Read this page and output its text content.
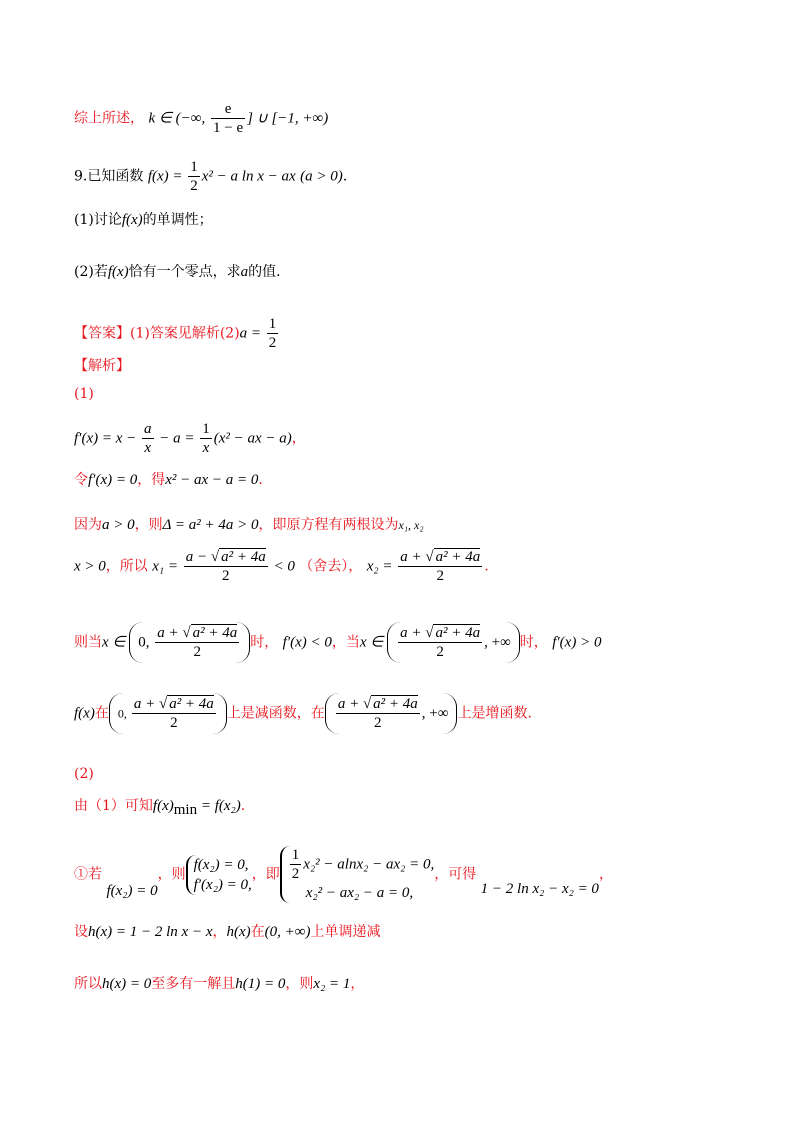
综上所述， k ∈ (−∞, $\frac{e}{1 - e}$ ] ∪ [−1, +∞)
9.已知函数 $f(x) = \frac{1}{2} x^2 - a$ ln x − ax (a > 0).
(1)讨论f(x)的单调性；
(2)若f(x)恰有一个零点，求a的值.
【答案】(1)答案见解析$(2)a = \frac{1}{2}$
【解析】
(1)
$f'(x) = x - \frac{a}{x} - a = \frac{1}{x} (x^2$ − ax − a)，
令f′(x) = 0，得x² − ax − a = 0.
因为a > 0，则Δ = a² + 4a > 0，即原方程有两根设为x₁, x₂
x > 0，所以 $x_1 = \frac{\text{a − √ a² + 4a}}{2} < 0$ （舍去）， $x_2 = \frac{\text{a + √ a² + 4a}}{2}$ .
则当x ∈ 0, $\frac{\text{a + √ a² + 4a}}{2}$ 时， f′(x) < 0，当x ∈ $\frac{\text{a + √ a² + 4a}}{2}$ , +∞ 时， f′(x) > 0
f(x)在 0, $\frac{\text{a + √ a² + 4a}}{2}$ 上是减函数，在 $\frac{\text{a + √ a² + 4a}}{2}$ , +∞ 上是增函数.
(2)
由（1）可知$f(x)_{min} = f(x_2)$.
①若 f(x₂) = 0，则
f(x₂) = 0,
f′(x₂) = 0,
，即 $\frac{1}{2} x_2^2 - alnx_2 - ax_2 = 0$,
x₂² − ax₂ − a = 0,
，可得 1 − 2 ln x₂ − x₂ = 0，
设h(x) = 1 − 2 ln x − x，h(x)在(0, +∞)上单调递减
所以h(x) = 0至多有一解且h(1) = 0，则x₂ = 1，
